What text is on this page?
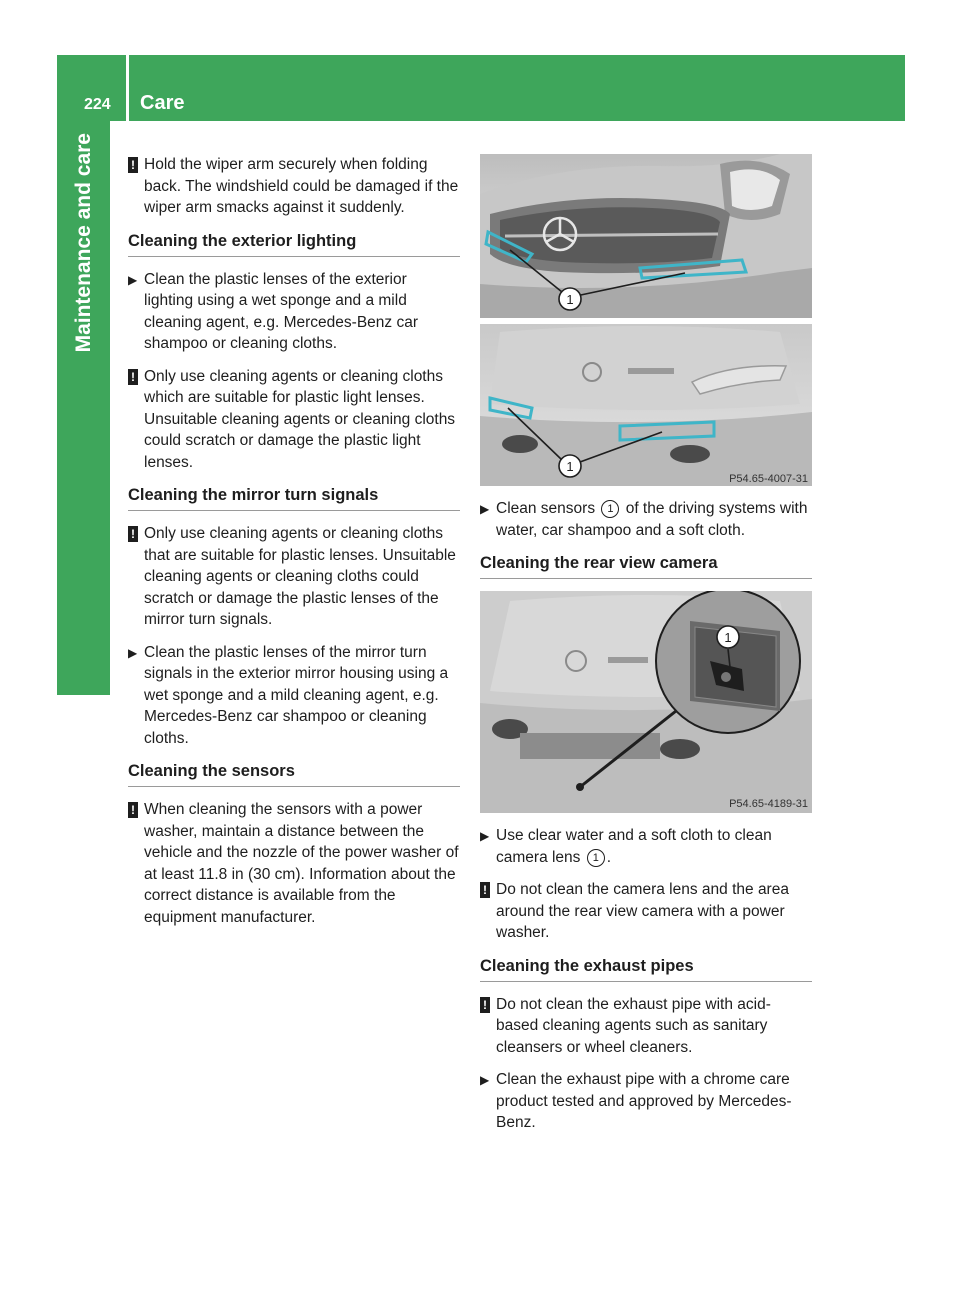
224	Care
Maintenance and care	! Hold the wiper arm securely when folding back. The windshield could be damaged if the wiper arm smacks against it suddenly.
Cleaning the exterior lighting
▶ Clean the plastic lenses of the exterior lighting using a wet sponge and a mild cleaning agent, e.g. Mercedes-Benz car shampoo or cleaning cloths.
! Only use cleaning agents or cleaning cloths which are suitable for plastic light lenses. Unsuitable cleaning agents or cleaning cloths could scratch or damage the plastic light lenses.
Cleaning the mirror turn signals
! Only use cleaning agents or cleaning cloths that are suitable for plastic lenses. Unsuitable cleaning agents or cleaning cloths could scratch or damage the plastic lenses of the mirror turn signals.
▶ Clean the plastic lenses of the mirror turn signals in the exterior mirror housing using a wet sponge and a mild cleaning agent, e.g. Mercedes-Benz car shampoo or cleaning cloths.
Cleaning the sensors
! When cleaning the sensors with a power washer, maintain a distance between the vehicle and the nozzle of the power washer of at least 11.8 in (30 cm). Information about the correct distance is available from the equipment manufacturer.
1
1
P54.65-4007-31
▶ Clean sensors 1 of the driving systems with water, car shampoo and a soft cloth.
Cleaning the rear view camera
1
P54.65-4189-31
▶ Use clear water and a soft cloth to clean camera lens 1 .
! Do not clean the camera lens and the area around the rear view camera with a power washer.
Cleaning the exhaust pipes
! Do not clean the exhaust pipe with acid-based cleaning agents such as sanitary cleansers or wheel cleaners.
▶ Clean the exhaust pipe with a chrome care product tested and approved by Mercedes-Benz.
